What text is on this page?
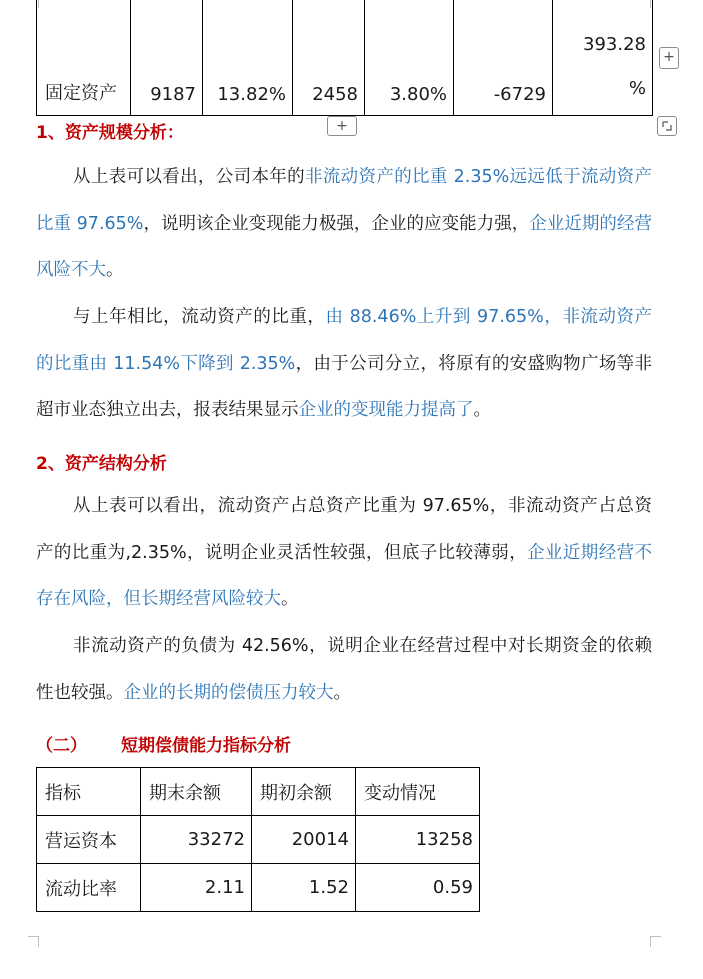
固定资产	9187	13.82%	2458	3.80%	-6729	393.28
%
+
+
1、资产规模分析：

从上表可以看出，公司本年的非流动资产的比重 2.35%远远低于流动资产比重 97.65%，说明该企业变现能力极强，企业的应变能力强，企业近期的经营风险不大。

与上年相比，流动资产的比重，由 88.46%上升到 97.65%，非流动资产的比重由 11.54%下降到 2.35%，由于公司分立，将原有的安盛购物广场等非超市业态独立出去，报表结果显示企业的变现能力提高了。

2、资产结构分析

从上表可以看出，流动资产占总资产比重为 97.65%，非流动资产占总资产的比重为,2.35%，说明企业灵活性较强，但底子比较薄弱，企业近期经营不存在风险，但长期经营风险较大。

非流动资产的负债为 42.56%，说明企业在经营过程中对长期资金的依赖性也较强。企业的长期的偿债压力较大。

（二） 短期偿债能力指标分析
指标	期末余额	期初余额	变动情况
营运资本	33272	20014	13258
流动比率	2.11	1.52	0.59
